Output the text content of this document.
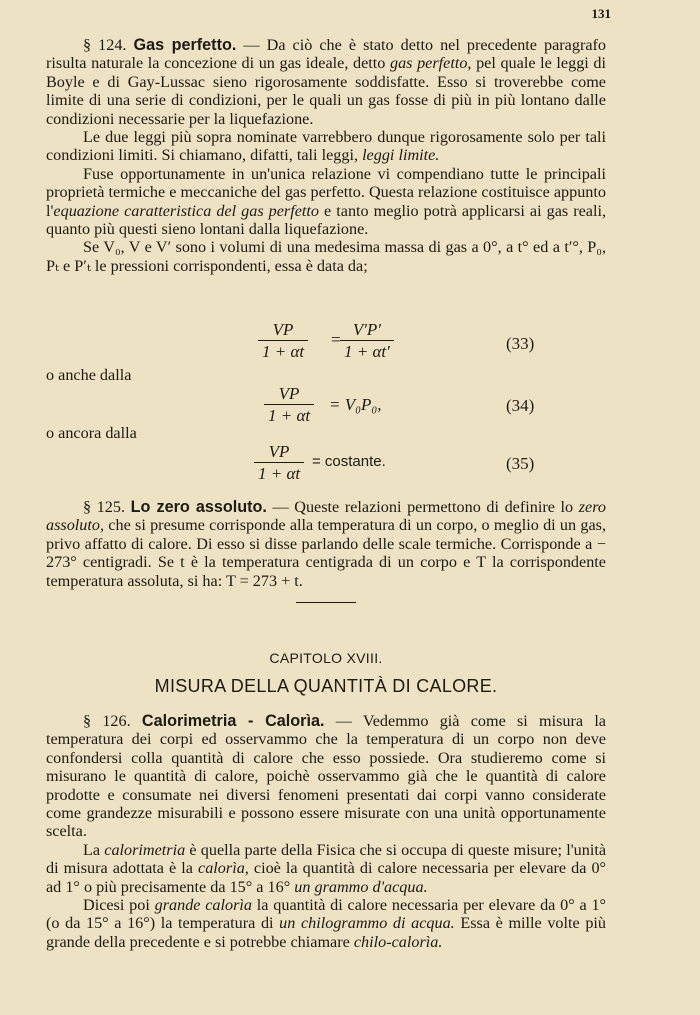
131

§ 124. Gas perfetto. — Da ciò che è stato detto nel precedente paragrafo risulta naturale la concezione di un gas ideale, detto gas perfetto, pel quale le leggi di Boyle e di Gay-Lussac sieno rigorosamente soddisfatte. Esso si troverebbe come limite di una serie di condizioni, per le quali un gas fosse di più in più lontano dalle condizioni necessarie per la liquefazione.

Le due leggi più sopra nominate varrebbero dunque rigorosamente solo per tali condizioni limiti. Si chiamano, difatti, tali leggi, leggi limite.

Fuse opportunamente in un'unica relazione vi compendiano tutte le principali proprietà termiche e meccaniche del gas perfetto. Questa relazione costituisce appunto l'equazione caratteristica del gas perfetto e tanto meglio potrà applicarsi ai gas reali, quanto più questi sieno lontani dalla liquefazione.

Se V₀, V e V′ sono i volumi di una medesima massa di gas a 0°, a t° ed a t′°, P₀, Pₜ e P′ₜ le pressioni corrispondenti, essa è data da;

$\frac{VP}{1 + \alpha t} = \frac{V'P'}{1 + \alpha t'}$	(33)
o anche dalla
$\frac{VP}{1 + \alpha t} = V_0P_0$,	(34)
o ancora dalla
$\frac{VP}{1 + \alpha t}$ = costante.	(35)

§ 125. Lo zero assoluto. — Queste relazioni permettono di definire lo zero assoluto, che si presume corrisponde alla temperatura di un corpo, o meglio di un gas, privo affatto di calore. Di esso si disse parlando delle scale termiche. Corrisponde a − 273° centigradi. Se t è la temperatura centigrada di un corpo e T la corrispondente temperatura assoluta, si ha: T = 273 + t.

CAPITOLO XVIII.
MISURA DELLA QUANTITÀ DI CALORE.

§ 126. Calorimetria - Calorìa. — Vedemmo già come si misura la temperatura dei corpi ed osservammo che la temperatura di un corpo non deve confondersi colla quantità di calore che esso possiede. Ora studieremo come si misurano le quantità di calore, poichè osservammo già che le quantità di calore prodotte e consumate nei diversi fenomeni presentati dai corpi vanno considerate come grandezze misurabili e possono essere misurate con una unità opportunamente scelta.

La calorimetria è quella parte della Fisica che si occupa di queste misure; l'unità di misura adottata è la calorìa, cioè la quantità di calore necessaria per elevare da 0° ad 1° o più precisamente da 15° a 16° un grammo d'acqua.

Dicesi poi grande calorìa la quantità di calore necessaria per elevare da 0° a 1° (o da 15° a 16°) la temperatura di un chilogrammo di acqua. Essa è mille volte più grande della precedente e si potrebbe chiamare chilo-calorìa.
